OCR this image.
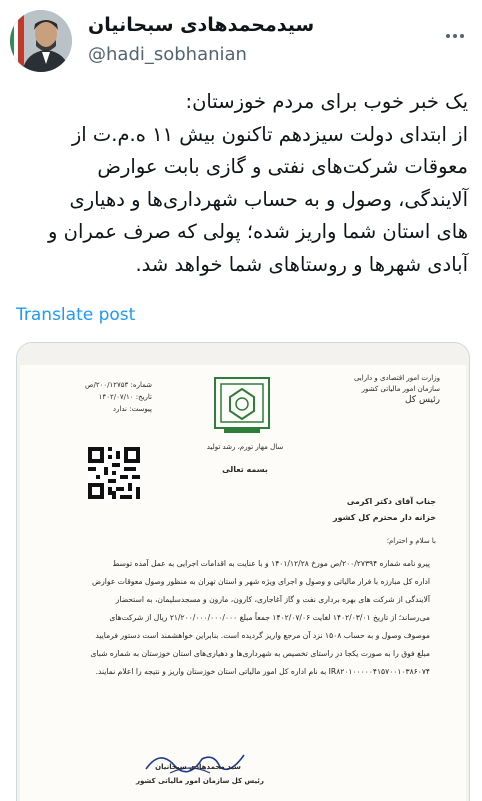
سیدمحمدهادی سبحانیان
@hadi_sobhanian

یک خبر خوب برای مردم خوزستان:

از ابتدای دولت سیزدهم تاکنون بیش ۱۱ ه.م.ت از

معوقات شرکت‌های نفتی و گازی بابت عوارض

آلایندگی، وصول و به حساب شهرداری‌ها و دهیاری

های استان شما واریز شده؛ پولی که صرف عمران و

آبادی شهرها و روستاهای شما خواهد شد.

Translate post
وزارت امور اقتصادی و دارایی
سازمان امور مالیاتی کشور
رئیس کل
شماره: ۲۰۰/۱۲۷۵۳/ص
تاریخ: ۱۴۰۲/۰۷/۱۰
پیوست: ندارد
سال مهار تورم، رشد تولید
بسمه تعالی
جناب آقای دکتر اکرمی
خزانه دار محترم کل کشور
با سلام و احترام؛
پیرو نامه شماره ۲۰۰/۲۷۳۹۴/ص مورخ ۱۴۰۱/۱۲/۲۸ و با عنایت به اقدامات اجرایی به عمل آمده توسط
اداره کل مبارزه با فرار مالیاتی و وصول و اجرای ویژه شهر و استان تهران به منظور وصول معوقات عوارض
آلایندگی از شرکت های بهره برداری نفت و گاز آغاجاری، کارون، مارون و مسجدسلیمان، به استحضار
می‌رساند؛ از تاریخ ۱۴۰۲/۰۳/۰۱ لغایت ۱۴۰۲/۰۷/۰۶ جمعاً مبلغ ۲۱/۲۰۰/۰۰۰/۰۰۰/۰۰۰ ریال از شرکت‌های
موصوف وصول و به حساب ۱۵۰۸ نزد آن مرجع واریز گردیده است. بنابراین خواهشمند است دستور فرمایید
مبلغ فوق را به صورت یکجا در راستای تخصیص به شهرداری‌ها و دهیاری‌های استان خوزستان به شماره شبای
IR۸۲۰۱۰۰۰۰۰۴۱۵۷۰۰۱۰۳۸۶۰۷۴ به نام اداره کل امور مالیاتی استان خوزستان واریز و نتیجه را اعلام نمایند.
سید محمدهادی سبحانیان
رئیس کل سازمان امور مالیاتی کشور
